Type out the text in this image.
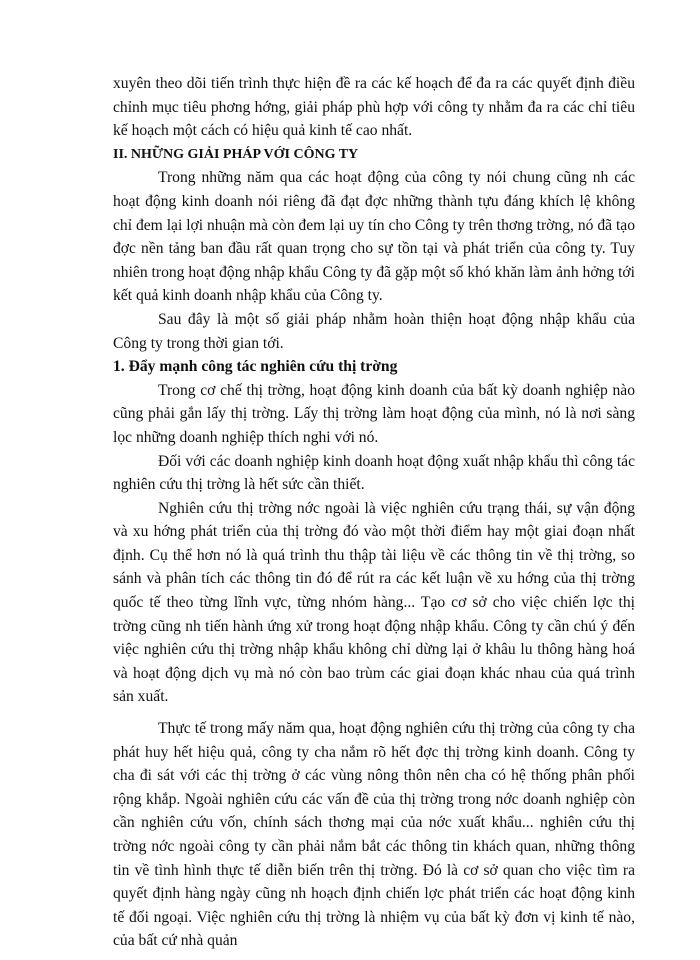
xuyên theo dõi tiến trình thực hiện đề ra các kế hoạch để đa ra các quyết định điều chỉnh mục tiêu phơng hớng, giải pháp phù hợp với công ty nhằm đa ra các chỉ tiêu kế hoạch một cách có hiệu quả kinh tế cao nhất.

II. NHỮNG GIẢI PHÁP VỚI CÔNG TY

Trong những năm qua các hoạt động của công ty nói chung cũng nh các hoạt động kinh doanh nói riêng đã đạt đợc những thành tựu đáng khích lệ không chỉ đem lại lợi nhuận mà còn đem lại uy tín cho Công ty trên thơng trờng, nó đã tạo đợc nền tảng ban đầu rất quan trọng cho sự tồn tại và phát triển của công ty. Tuy nhiên trong hoạt động nhập khẩu Công ty đã gặp một số khó khăn làm ảnh hởng tới kết quả kinh doanh nhập khẩu của Công ty.

Sau đây là một số giải pháp nhằm hoàn thiện hoạt động nhập khẩu của Công ty trong thời gian tới.

1. Đẩy mạnh công tác nghiên cứu thị trờng

Trong cơ chế thị trờng, hoạt động kinh doanh của bất kỳ doanh nghiệp nào cũng phải gắn lấy thị trờng. Lấy thị trờng làm hoạt động của mình, nó là nơi sàng lọc những doanh nghiệp thích nghi với nó.

Đối với các doanh nghiệp kinh doanh hoạt động xuất nhập khẩu thì công tác nghiên cứu thị trờng là hết sức cần thiết.

Nghiên cứu thị trờng nớc ngoài là việc nghiên cứu trạng thái, sự vận động và xu hớng phát triển của thị trờng đó vào một thời điểm hay một giai đoạn nhất định. Cụ thể hơn nó là quá trình thu thập tài liệu về các thông tin về thị trờng, so sánh và phân tích các thông tin đó để rút ra các kết luận về xu hớng của thị trờng quốc tế theo từng lĩnh vực, từng nhóm hàng... Tạo cơ sở cho việc chiến lợc thị trờng cũng nh tiến hành ứng xử trong hoạt động nhập khẩu. Công ty cần chú ý đến việc nghiên cứu thị trờng nhập khẩu không chỉ dừng lại ở khâu lu thông hàng hoá và hoạt động dịch vụ mà nó còn bao trùm các giai đoạn khác nhau của quá trình sản xuất.

Thực tế trong mấy năm qua, hoạt động nghiên cứu thị trờng của công ty cha phát huy hết hiệu quả, công ty cha nắm rõ hết đợc thị trờng kinh doanh. Công ty cha đi sát với các thị trờng ở các vùng nông thôn nên cha có hệ thống phân phối rộng khắp. Ngoài nghiên cứu các vấn đề của thị trờng trong nớc doanh nghiệp còn cần nghiên cứu vốn, chính sách thơng mại của nớc xuất khẩu... nghiên cứu thị trờng nớc ngoài công ty cần phải nắm bắt các thông tin khách quan, những thông tin về tình hình thực tế diễn biến trên thị trờng. Đó là cơ sở quan cho việc tìm ra quyết định hàng ngày cũng nh hoạch định chiến lợc phát triển các hoạt động kinh tế đối ngoại. Việc nghiên cứu thị trờng là nhiệm vụ của bất kỳ đơn vị kinh tế nào, của bất cứ nhà quản
